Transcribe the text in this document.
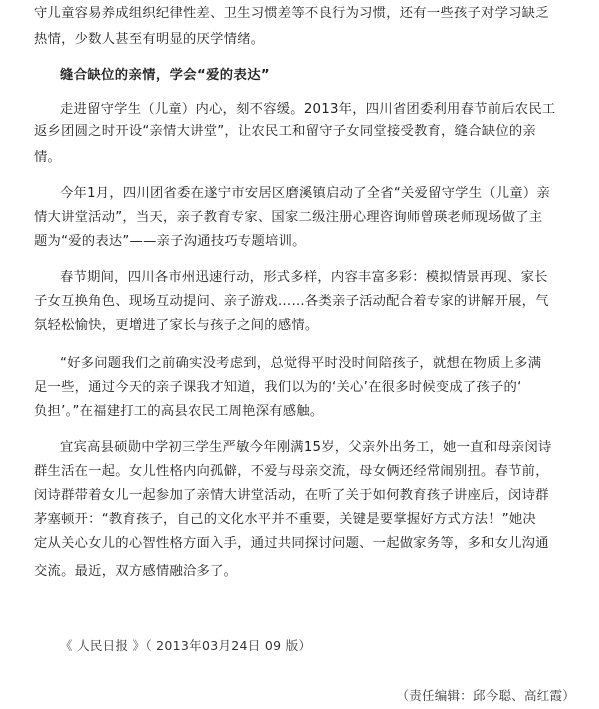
守儿童容易养成组织纪律性差、卫生习惯差等不良行为习惯，还有一些孩子对学习缺乏
热情，少数人甚至有明显的厌学情绪。
缝合缺位的亲情，学会“爱的表达”
走进留守学生（儿童）内心，刻不容缓。2013年，四川省团委利用春节前后农民工
返乡团圆之时开设“亲情大讲堂”，让农民工和留守子女同堂接受教育，缝合缺位的亲
情。
今年1月，四川团省委在遂宁市安居区磨溪镇启动了全省“关爱留守学生（儿童）亲
情大讲堂活动”，当天，亲子教育专家、国家二级注册心理咨询师曾瑛老师现场做了主
题为“爱的表达”——亲子沟通技巧专题培训。
春节期间，四川各市州迅速行动，形式多样，内容丰富多彩：模拟情景再现、家长
子女互换角色、现场互动提问、亲子游戏……各类亲子活动配合着专家的讲解开展，气
氛轻松愉快，更增进了家长与孩子之间的感情。
“好多问题我们之前确实没考虑到，总觉得平时没时间陪孩子，就想在物质上多满
足一些，通过今天的亲子课我才知道，我们以为的‘关心’在很多时候变成了孩子的‘
负担’。”在福建打工的高县农民工周艳深有感触。
宜宾高县硕勋中学初三学生严敏今年刚满15岁，父亲外出务工，她一直和母亲闵诗
群生活在一起。女儿性格内向孤僻，不爱与母亲交流，母女俩还经常闹别扭。春节前，
闵诗群带着女儿一起参加了亲情大讲堂活动，在听了关于如何教育孩子讲座后，闵诗群
茅塞顿开：“教育孩子，自己的文化水平并不重要，关键是要掌握好方式方法！”她决
定从关心女儿的心智性格方面入手，通过共同探讨问题、一起做家务等，多和女儿沟通
交流。最近，双方感情融洽多了。
《 人民日报 》（ 2013年03月24日 09 版）
（责任编辑：邱今聪、高红霞）
